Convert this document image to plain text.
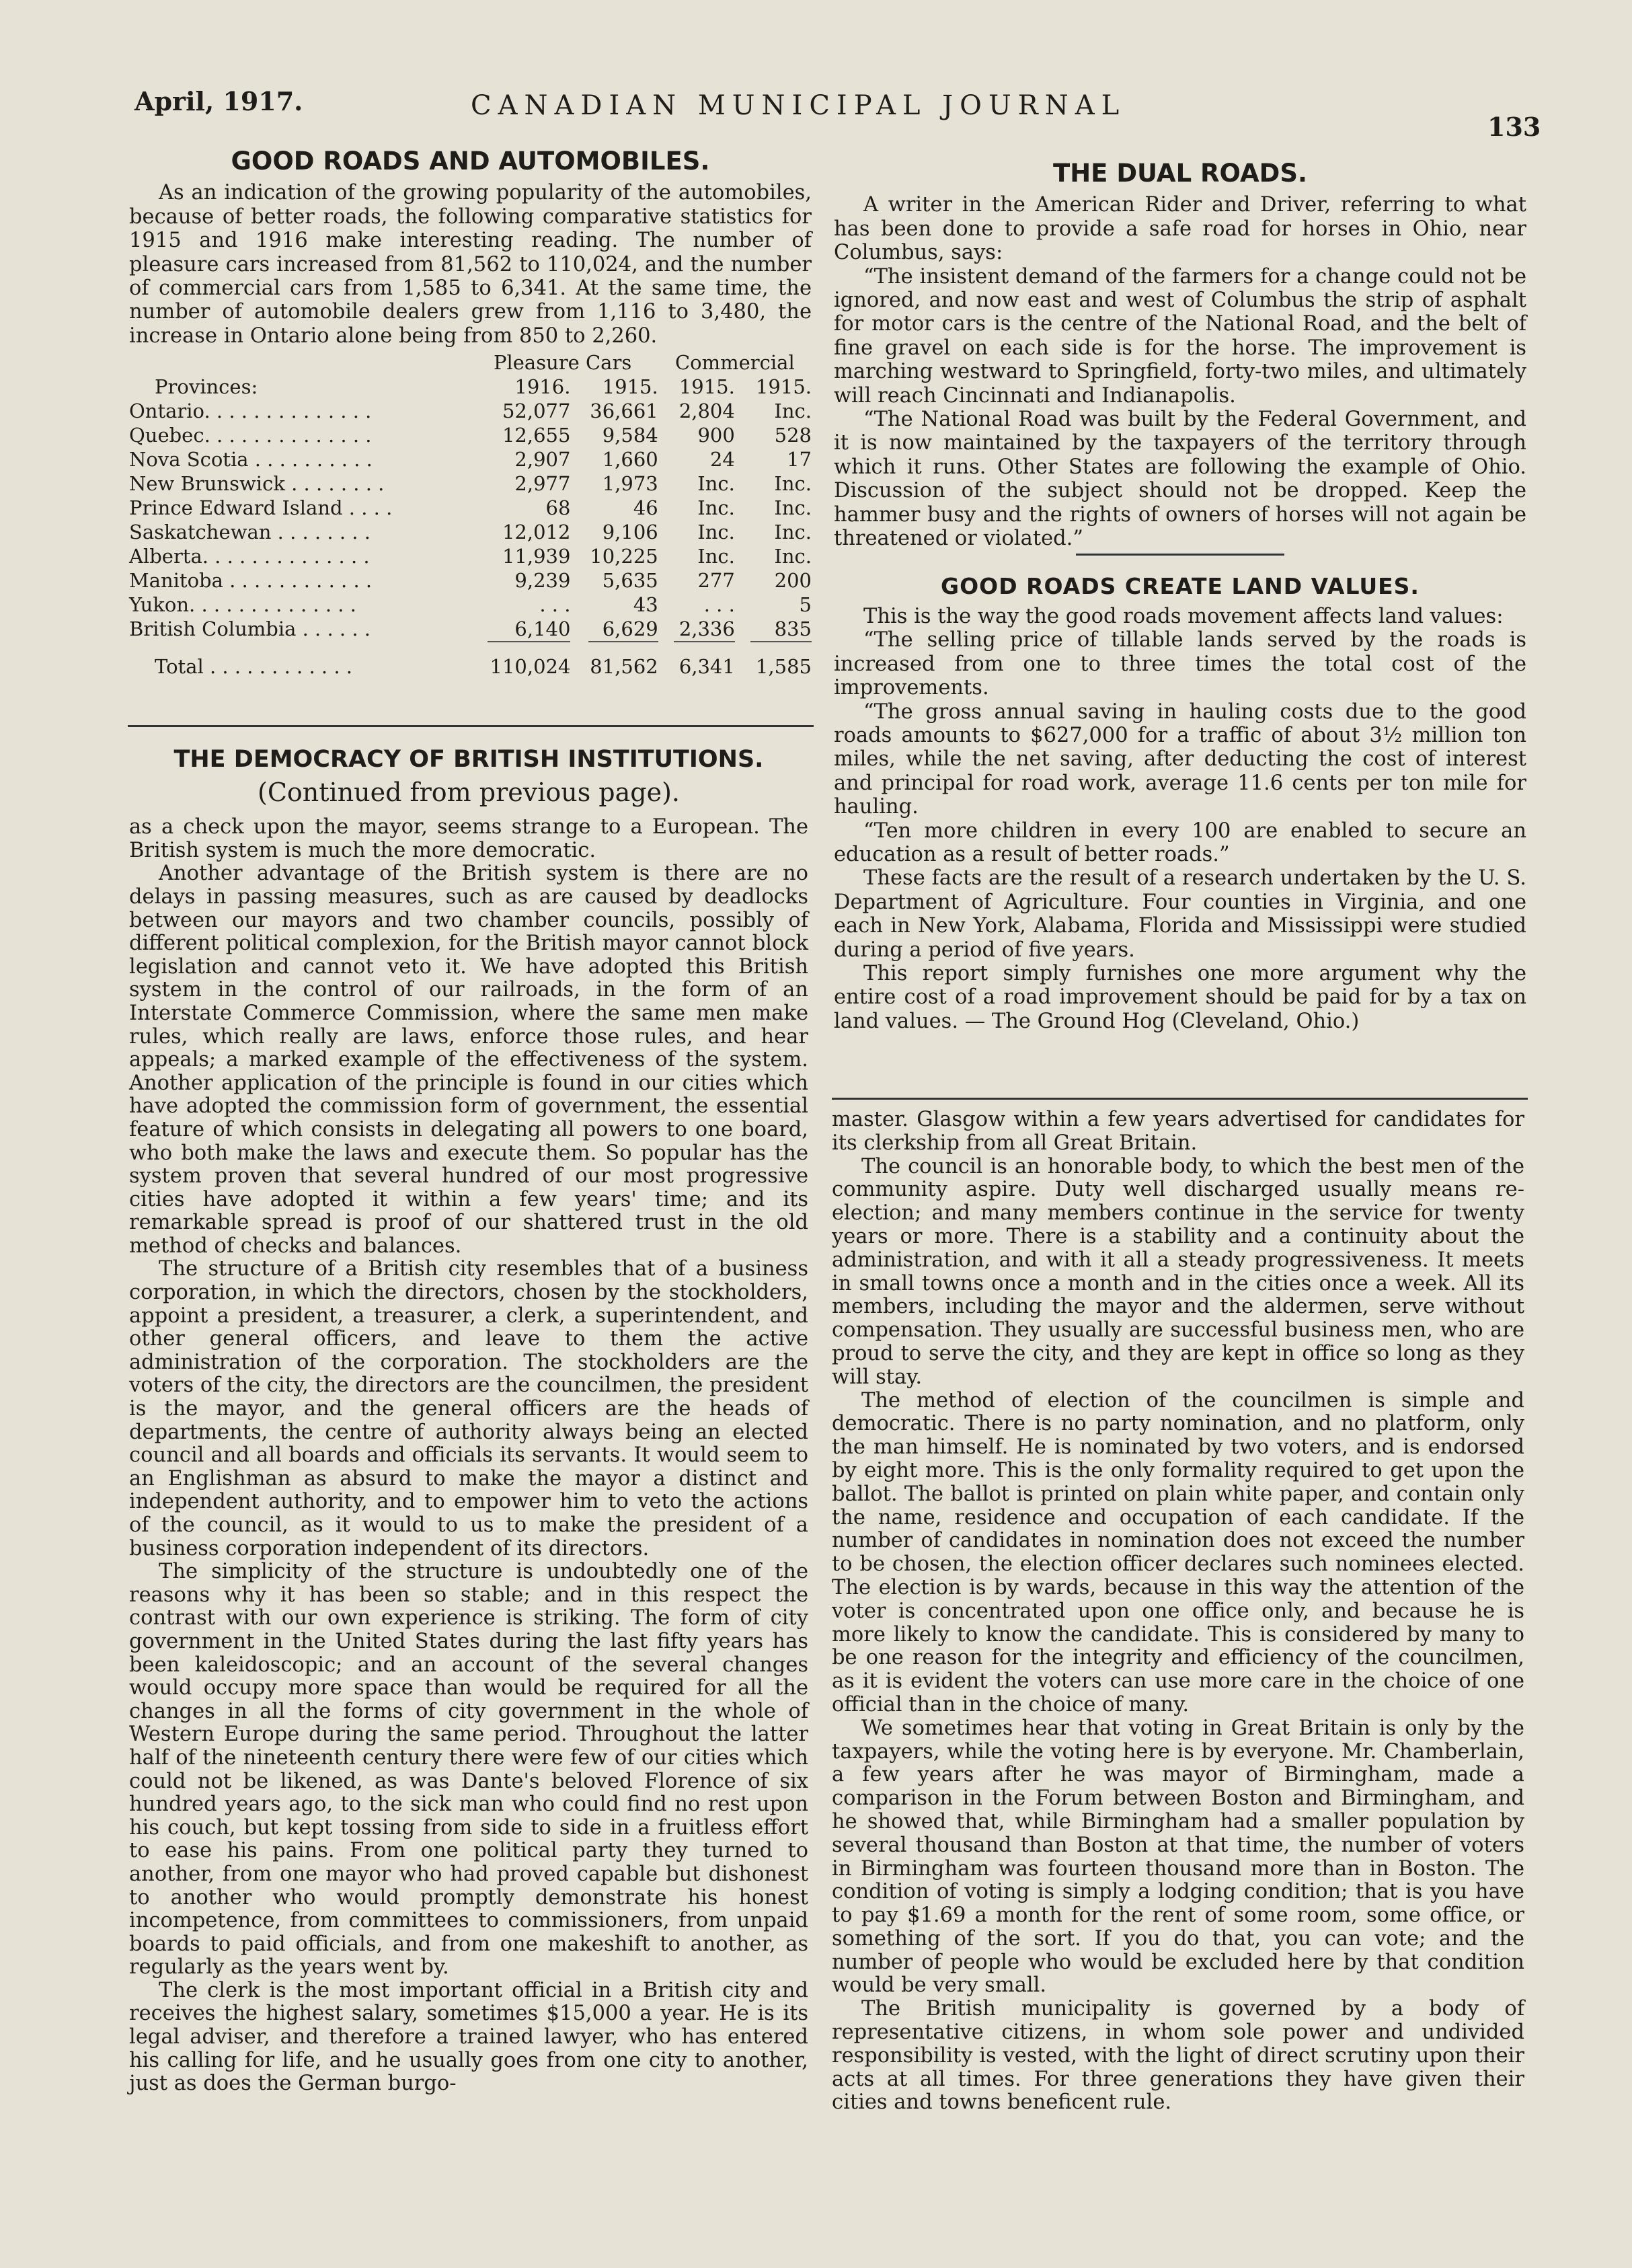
April, 1917.	CANADIAN MUNICIPAL JOURNAL
133
GOOD ROADS AND AUTOMOBILES.

As an indication of the growing popularity of the automobiles, because of better roads, the following comparative statistics for 1915 and 1916 make interesting reading. The number of pleasure cars increased from 81,562 to 110,024, and the number of commercial cars from 1,585 to 6,341. At the same time, the number of automobile dealers grew from 1,116 to 3,480, the increase in Ontario alone being from 850 to 2,260.

	Pleasure Cars		Commercial	
Provinces:	1916.	1915.	1915.	1915.
Ontario. . . . . . . . . . . . . .	52,077	36,661	2,804	Inc.
Quebec. . . . . . . . . . . . . .	12,655	9,584	900	528
Nova Scotia . . . . . . . . . .	2,907	1,660	24	17
New Brunswick . . . . . . . .	2,977	1,973	Inc.	Inc.
Prince Edward Island . . . .	68	46	Inc.	Inc.
Saskatchewan . . . . . . . .	12,012	9,106	Inc.	Inc.
Alberta. . . . . . . . . . . . . .	11,939	10,225	Inc.	Inc.
Manitoba . . . . . . . . . . . .	9,239	5,635	277	200
Yukon. . . . . . . . . . . . . .	. . .	43	. . .	5
British Columbia . . . . . .	6,140	6,629	2,336	835

Total . . . . . . . . . . . .	110,024	81,562	6,341	1,585
THE DEMOCRACY OF BRITISH INSTITUTIONS.
(Continued from previous page).

as a check upon the mayor, seems strange to a European. The British system is much the more democratic.

Another advantage of the British system is there are no delays in passing measures, such as are caused by deadlocks between our mayors and two chamber councils, possibly of different political complexion, for the British mayor cannot block legislation and cannot veto it. We have adopted this British system in the control of our railroads, in the form of an Interstate Commerce Commission, where the same men make rules, which really are laws, enforce those rules, and hear appeals; a marked example of the effectiveness of the system. Another application of the principle is found in our cities which have adopted the commission form of government, the essential feature of which consists in delegating all powers to one board, who both make the laws and execute them. So popular has the system proven that several hundred of our most progressive cities have adopted it within a few years' time; and its remarkable spread is proof of our shattered trust in the old method of checks and balances.

The structure of a British city resembles that of a business corporation, in which the directors, chosen by the stockholders, appoint a president, a treasurer, a clerk, a superintendent, and other general officers, and leave to them the active administration of the corporation. The stockholders are the voters of the city, the directors are the councilmen, the president is the mayor, and the general officers are the heads of departments, the centre of authority always being an elected council and all boards and officials its servants. It would seem to an Englishman as absurd to make the mayor a distinct and independent authority, and to empower him to veto the actions of the council, as it would to us to make the president of a business corporation independent of its directors.

The simplicity of the structure is undoubtedly one of the reasons why it has been so stable; and in this respect the contrast with our own experience is striking. The form of city government in the United States during the last fifty years has been kaleidoscopic; and an account of the several changes would occupy more space than would be required for all the changes in all the forms of city government in the whole of Western Europe during the same period. Throughout the latter half of the nineteenth century there were few of our cities which could not be likened, as was Dante's beloved Florence of six hundred years ago, to the sick man who could find no rest upon his couch, but kept tossing from side to side in a fruitless effort to ease his pains. From one political party they turned to another, from one mayor who had proved capable but dishonest to another who would promptly demonstrate his honest incompetence, from committees to commissioners, from unpaid boards to paid officials, and from one makeshift to another, as regularly as the years went by.

The clerk is the most important official in a British city and receives the highest salary, sometimes $15,000 a year. He is its legal adviser, and therefore a trained lawyer, who has entered his calling for life, and he usually goes from one city to another, just as does the German burgo-

THE DUAL ROADS.

A writer in the American Rider and Driver, referring to what has been done to provide a safe road for horses in Ohio, near Columbus, says:

“The insistent demand of the farmers for a change could not be ignored, and now east and west of Columbus the strip of asphalt for motor cars is the centre of the National Road, and the belt of fine gravel on each side is for the horse. The improvement is marching westward to Springfield, forty-two miles, and ultimately will reach Cincinnati and Indianapolis.

“The National Road was built by the Federal Government, and it is now maintained by the taxpayers of the territory through which it runs. Other States are following the example of Ohio. Discussion of the subject should not be dropped. Keep the hammer busy and the rights of owners of horses will not again be threatened or violated.”

GOOD ROADS CREATE LAND VALUES.

This is the way the good roads movement affects land values:

“The selling price of tillable lands served by the roads is increased from one to three times the total cost of the improvements.

“The gross annual saving in hauling costs due to the good roads amounts to $627,000 for a traffic of about 3½ million ton miles, while the net saving, after deducting the cost of interest and principal for road work, average 11.6 cents per ton mile for hauling.

“Ten more children in every 100 are enabled to secure an education as a result of better roads.”

These facts are the result of a research undertaken by the U. S. Department of Agriculture. Four counties in Virginia, and one each in New York, Alabama, Florida and Mississippi were studied during a period of five years.

This report simply furnishes one more argument why the entire cost of a road improvement should be paid for by a tax on land values. — The Ground Hog (Cleveland, Ohio.)

master. Glasgow within a few years advertised for candidates for its clerkship from all Great Britain.

The council is an honorable body, to which the best men of the community aspire. Duty well discharged usually means re-election; and many members continue in the service for twenty years or more. There is a stability and a continuity about the administration, and with it all a steady progressiveness. It meets in small towns once a month and in the cities once a week. All its members, including the mayor and the aldermen, serve without compensation. They usually are successful business men, who are proud to serve the city, and they are kept in office so long as they will stay.

The method of election of the councilmen is simple and democratic. There is no party nomination, and no platform, only the man himself. He is nominated by two voters, and is endorsed by eight more. This is the only formality required to get upon the ballot. The ballot is printed on plain white paper, and contain only the name, residence and occupation of each candidate. If the number of candidates in nomination does not exceed the number to be chosen, the election officer declares such nominees elected. The election is by wards, because in this way the attention of the voter is concentrated upon one office only, and because he is more likely to know the candidate. This is considered by many to be one reason for the integrity and efficiency of the councilmen, as it is evident the voters can use more care in the choice of one official than in the choice of many.

We sometimes hear that voting in Great Britain is only by the taxpayers, while the voting here is by everyone. Mr. Chamberlain, a few years after he was mayor of Birmingham, made a comparison in the Forum between Boston and Birmingham, and he showed that, while Birmingham had a smaller population by several thousand than Boston at that time, the number of voters in Birmingham was fourteen thousand more than in Boston. The condition of voting is simply a lodging condition; that is you have to pay $1.69 a month for the rent of some room, some office, or something of the sort. If you do that, you can vote; and the number of people who would be excluded here by that condition would be very small.

The British municipality is governed by a body of representative citizens, in whom sole power and undivided responsibility is vested, with the light of direct scrutiny upon their acts at all times. For three generations they have given their cities and towns beneficent rule.
